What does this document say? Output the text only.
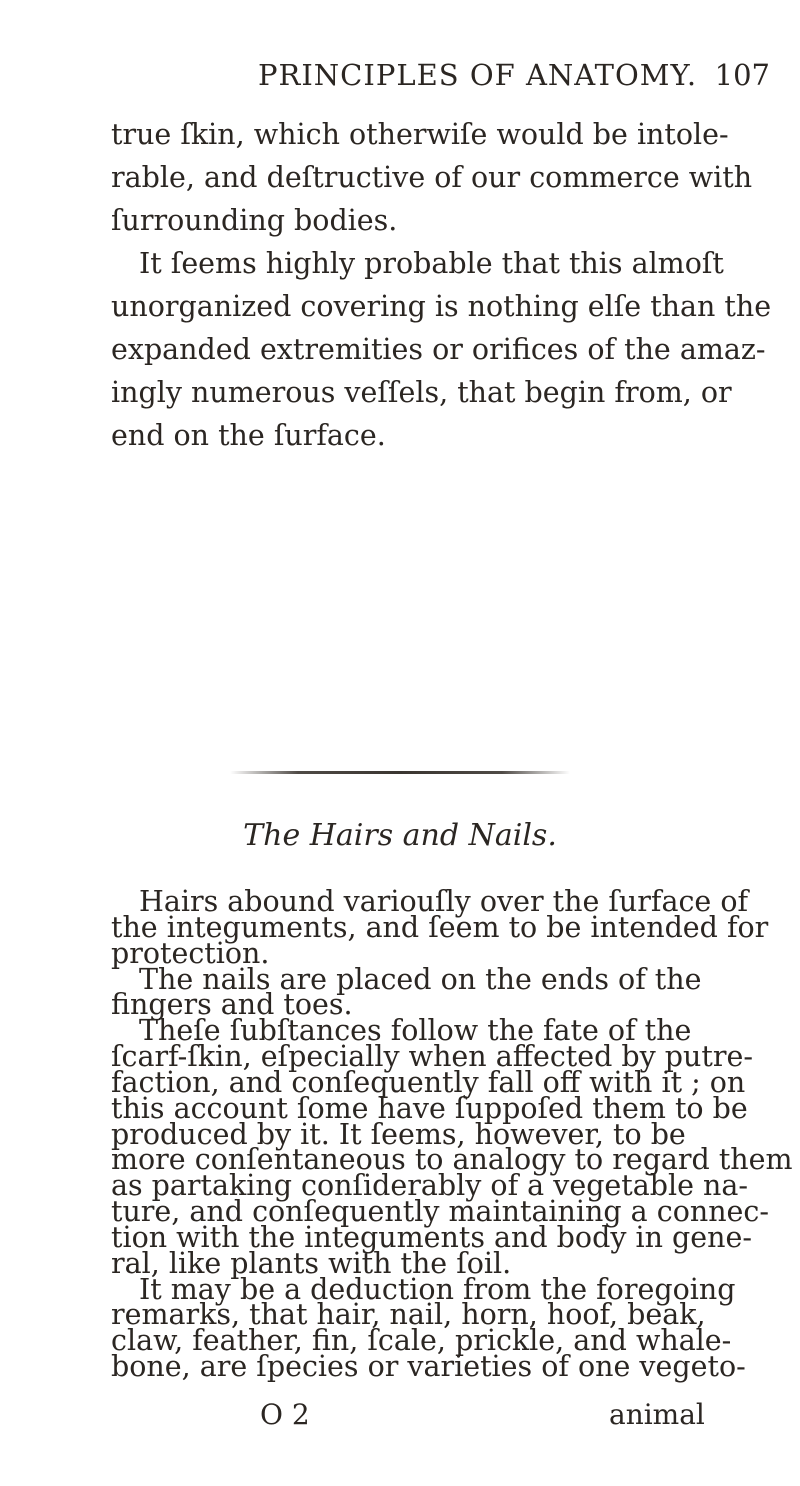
PRINCIPLES OF ANATOMY. 107
true ſkin, which otherwiſe would be intole-
rable, and deſtructive of our commerce with
ſurrounding bodies.
It ſeems highly probable that this almoſt
unorganized covering is nothing elſe than the
expanded extremities or orifices of the amaz-
ingly numerous veſſels, that begin from, or
end on the ſurface.
The Hairs and Nails.
Hairs abound variouſly over the ſurface of
the integuments, and ſeem to be intended for
protection.
The nails are placed on the ends of the
fingers and toes.
Theſe ſubſtances follow the fate of the
ſcarf-ſkin, eſpecially when affected by putre-
faction, and conſequently fall off with it ; on
this account ſome have ſuppoſed them to be
produced by it. It ſeems, however, to be
more conſentaneous to analogy to regard them
as partaking conſiderably of a vegetable na-
ture, and conſequently maintaining a connec-
tion with the integuments and body in gene-
ral, like plants with the ſoil.
It may be a deduction from the foregoing
remarks, that hair, nail, horn, hoof, beak,
claw, feather, fin, ſcale, prickle, and whale-
bone, are ſpecies or varieties of one vegeto-
O 2	animal
